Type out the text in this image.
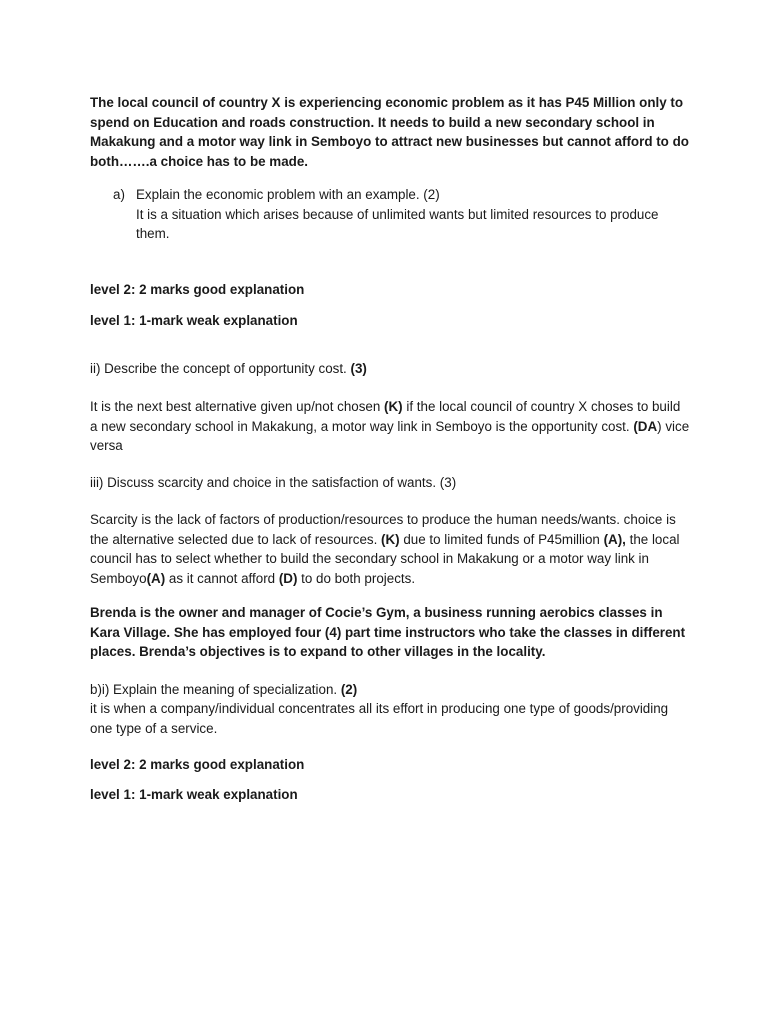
The local council of country X is experiencing economic problem as it has P45 Million only to spend on Education and roads construction. It needs to build a new secondary school in Makakung and a motor way link in Semboyo to attract new businesses but cannot afford to do both…….a choice has to be made.

a) Explain the economic problem with an example. (2)

It is a situation which arises because of unlimited wants but limited resources to produce them.

level 2: 2 marks good explanation

level 1: 1-mark weak explanation

ii) Describe the concept of opportunity cost. (3)

It is the next best alternative given up/not chosen (K) if the local council of country X choses to build a new secondary school in Makakung, a motor way link in Semboyo is the opportunity cost. (DA) vice versa

iii) Discuss scarcity and choice in the satisfaction of wants. (3)

Scarcity is the lack of factors of production/resources to produce the human needs/wants. choice is the alternative selected due to lack of resources. (K) due to limited funds of P45million (A), the local council has to select whether to build the secondary school in Makakung or a motor way link in Semboyo(A) as it cannot afford (D) to do both projects.

Brenda is the owner and manager of Cocie’s Gym, a business running aerobics classes in Kara Village. She has employed four (4) part time instructors who take the classes in different places. Brenda’s objectives is to expand to other villages in the locality.

b)i) Explain the meaning of specialization. (2)

it is when a company/individual concentrates all its effort in producing one type of goods/providing one type of a service.

level 2: 2 marks good explanation

level 1: 1-mark weak explanation
